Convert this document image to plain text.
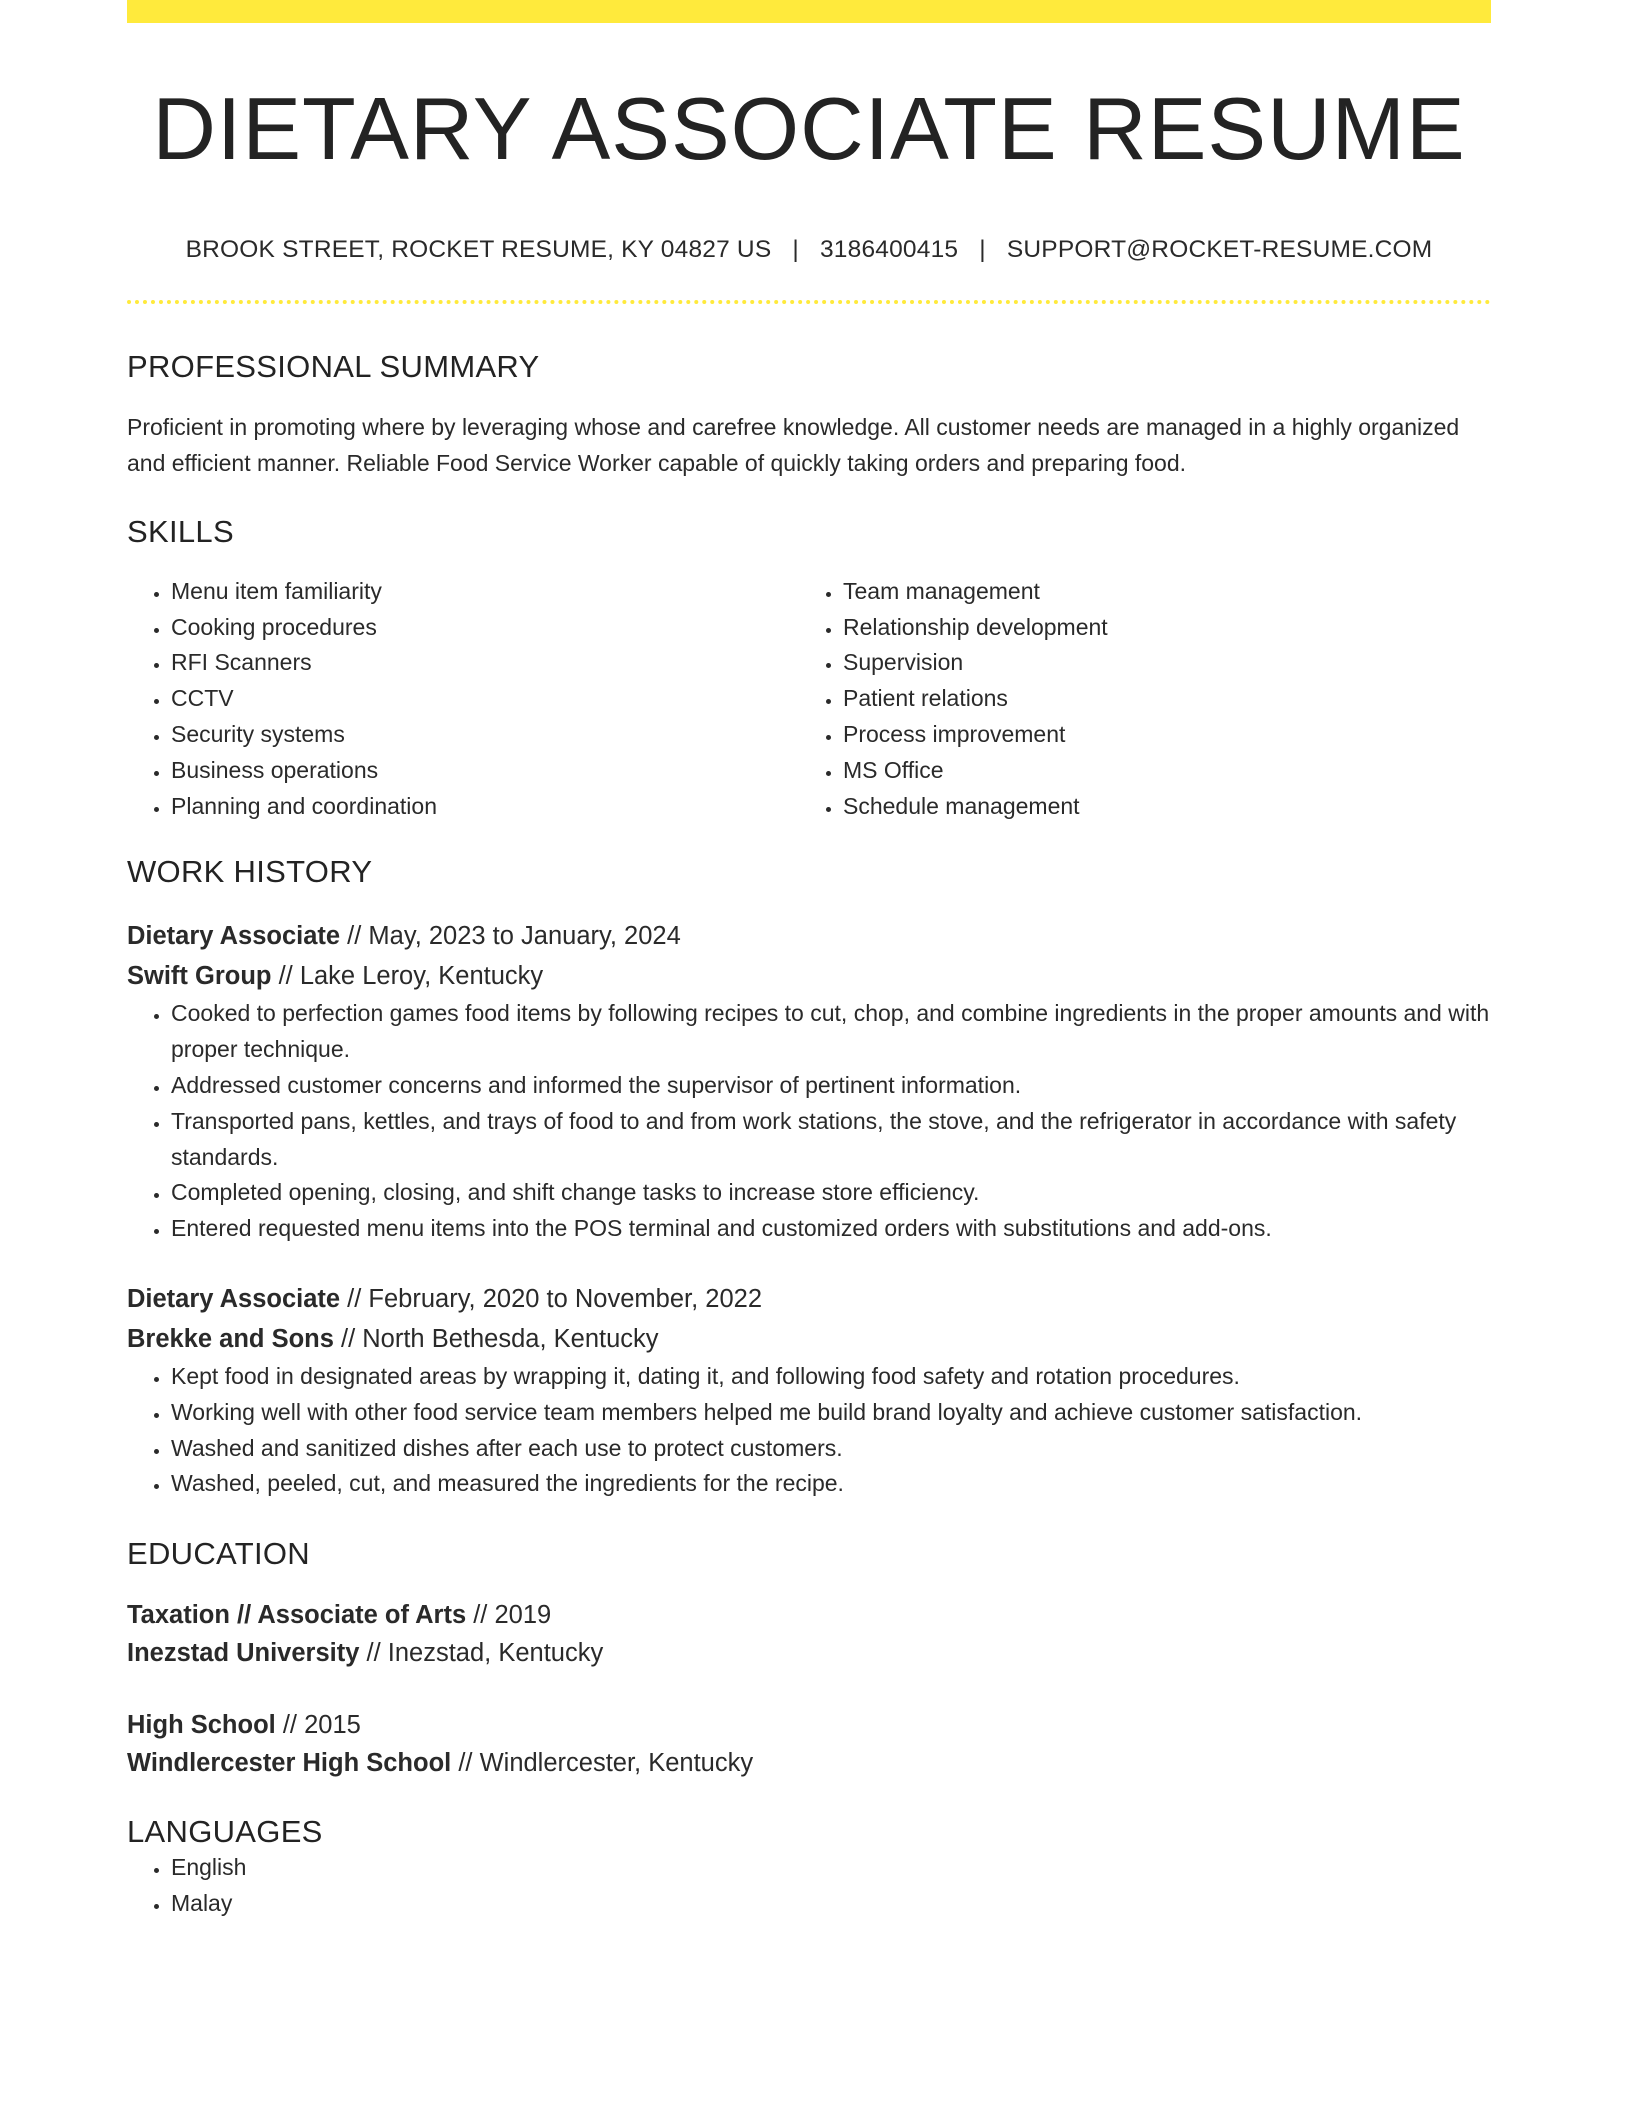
DIETARY ASSOCIATE RESUME
BROOK STREET, ROCKET RESUME, KY 04827 US | 3186400415 | SUPPORT@ROCKET-RESUME.COM
PROFESSIONAL SUMMARY

Proficient in promoting where by leveraging whose and carefree knowledge. All customer needs are managed in a highly organized and efficient manner. Reliable Food Service Worker capable of quickly taking orders and preparing food.

SKILLS
• Menu item familiarity
• Cooking procedures
• RFI Scanners
• CCTV
• Security systems
• Business operations
• Planning and coordination
• Team management
• Relationship development
• Supervision
• Patient relations
• Process improvement
• MS Office
• Schedule management
WORK HISTORY
Dietary Associate // May, 2023 to January, 2024
Swift Group // Lake Leroy, Kentucky
• Cooked to perfection games food items by following recipes to cut, chop, and combine ingredients in the proper amounts and with proper technique.
• Addressed customer concerns and informed the supervisor of pertinent information.
• Transported pans, kettles, and trays of food to and from work stations, the stove, and the refrigerator in accordance with safety standards.
• Completed opening, closing, and shift change tasks to increase store efficiency.
• Entered requested menu items into the POS terminal and customized orders with substitutions and add-ons.
Dietary Associate // February, 2020 to November, 2022
Brekke and Sons // North Bethesda, Kentucky
• Kept food in designated areas by wrapping it, dating it, and following food safety and rotation procedures.
• Working well with other food service team members helped me build brand loyalty and achieve customer satisfaction.
• Washed and sanitized dishes after each use to protect customers.
• Washed, peeled, cut, and measured the ingredients for the recipe.
EDUCATION
Taxation // Associate of Arts // 2019
Inezstad University // Inezstad, Kentucky
High School // 2015
Windlercester High School // Windlercester, Kentucky
LANGUAGES
• English
• Malay
